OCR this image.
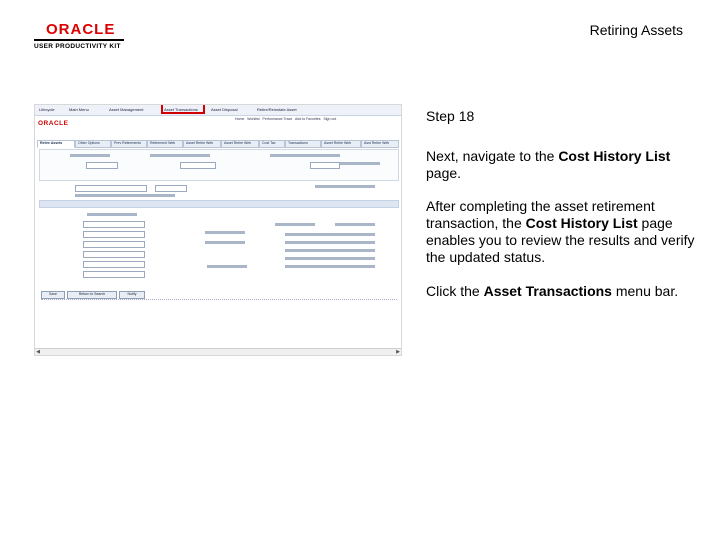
ORACLE
USER PRODUCTIVITY KIT
Retiring Assets
Lifecycle	Main Menu	Asset Management	Asset Transactions	Asset Disposal	Retire/Reinstate Asset
ORACLE
Home   Worklist   Performance Trace   Add to Favorites   Sign out
Retire Assets	Other Options	Prev Retirements	Retirement Web	Asset Retire Web	Asset Retire Web	Cost Tax	Transactions	Asset Retire Web	Asst Retire Web
Save	Return to Search	Notify
◀	▶
Step 18
Next, navigate to the Cost History List page.
After completing the asset retirement transaction, the Cost History List page enables you to review the results and verify the updated status.
Click the Asset Transactions menu bar.
